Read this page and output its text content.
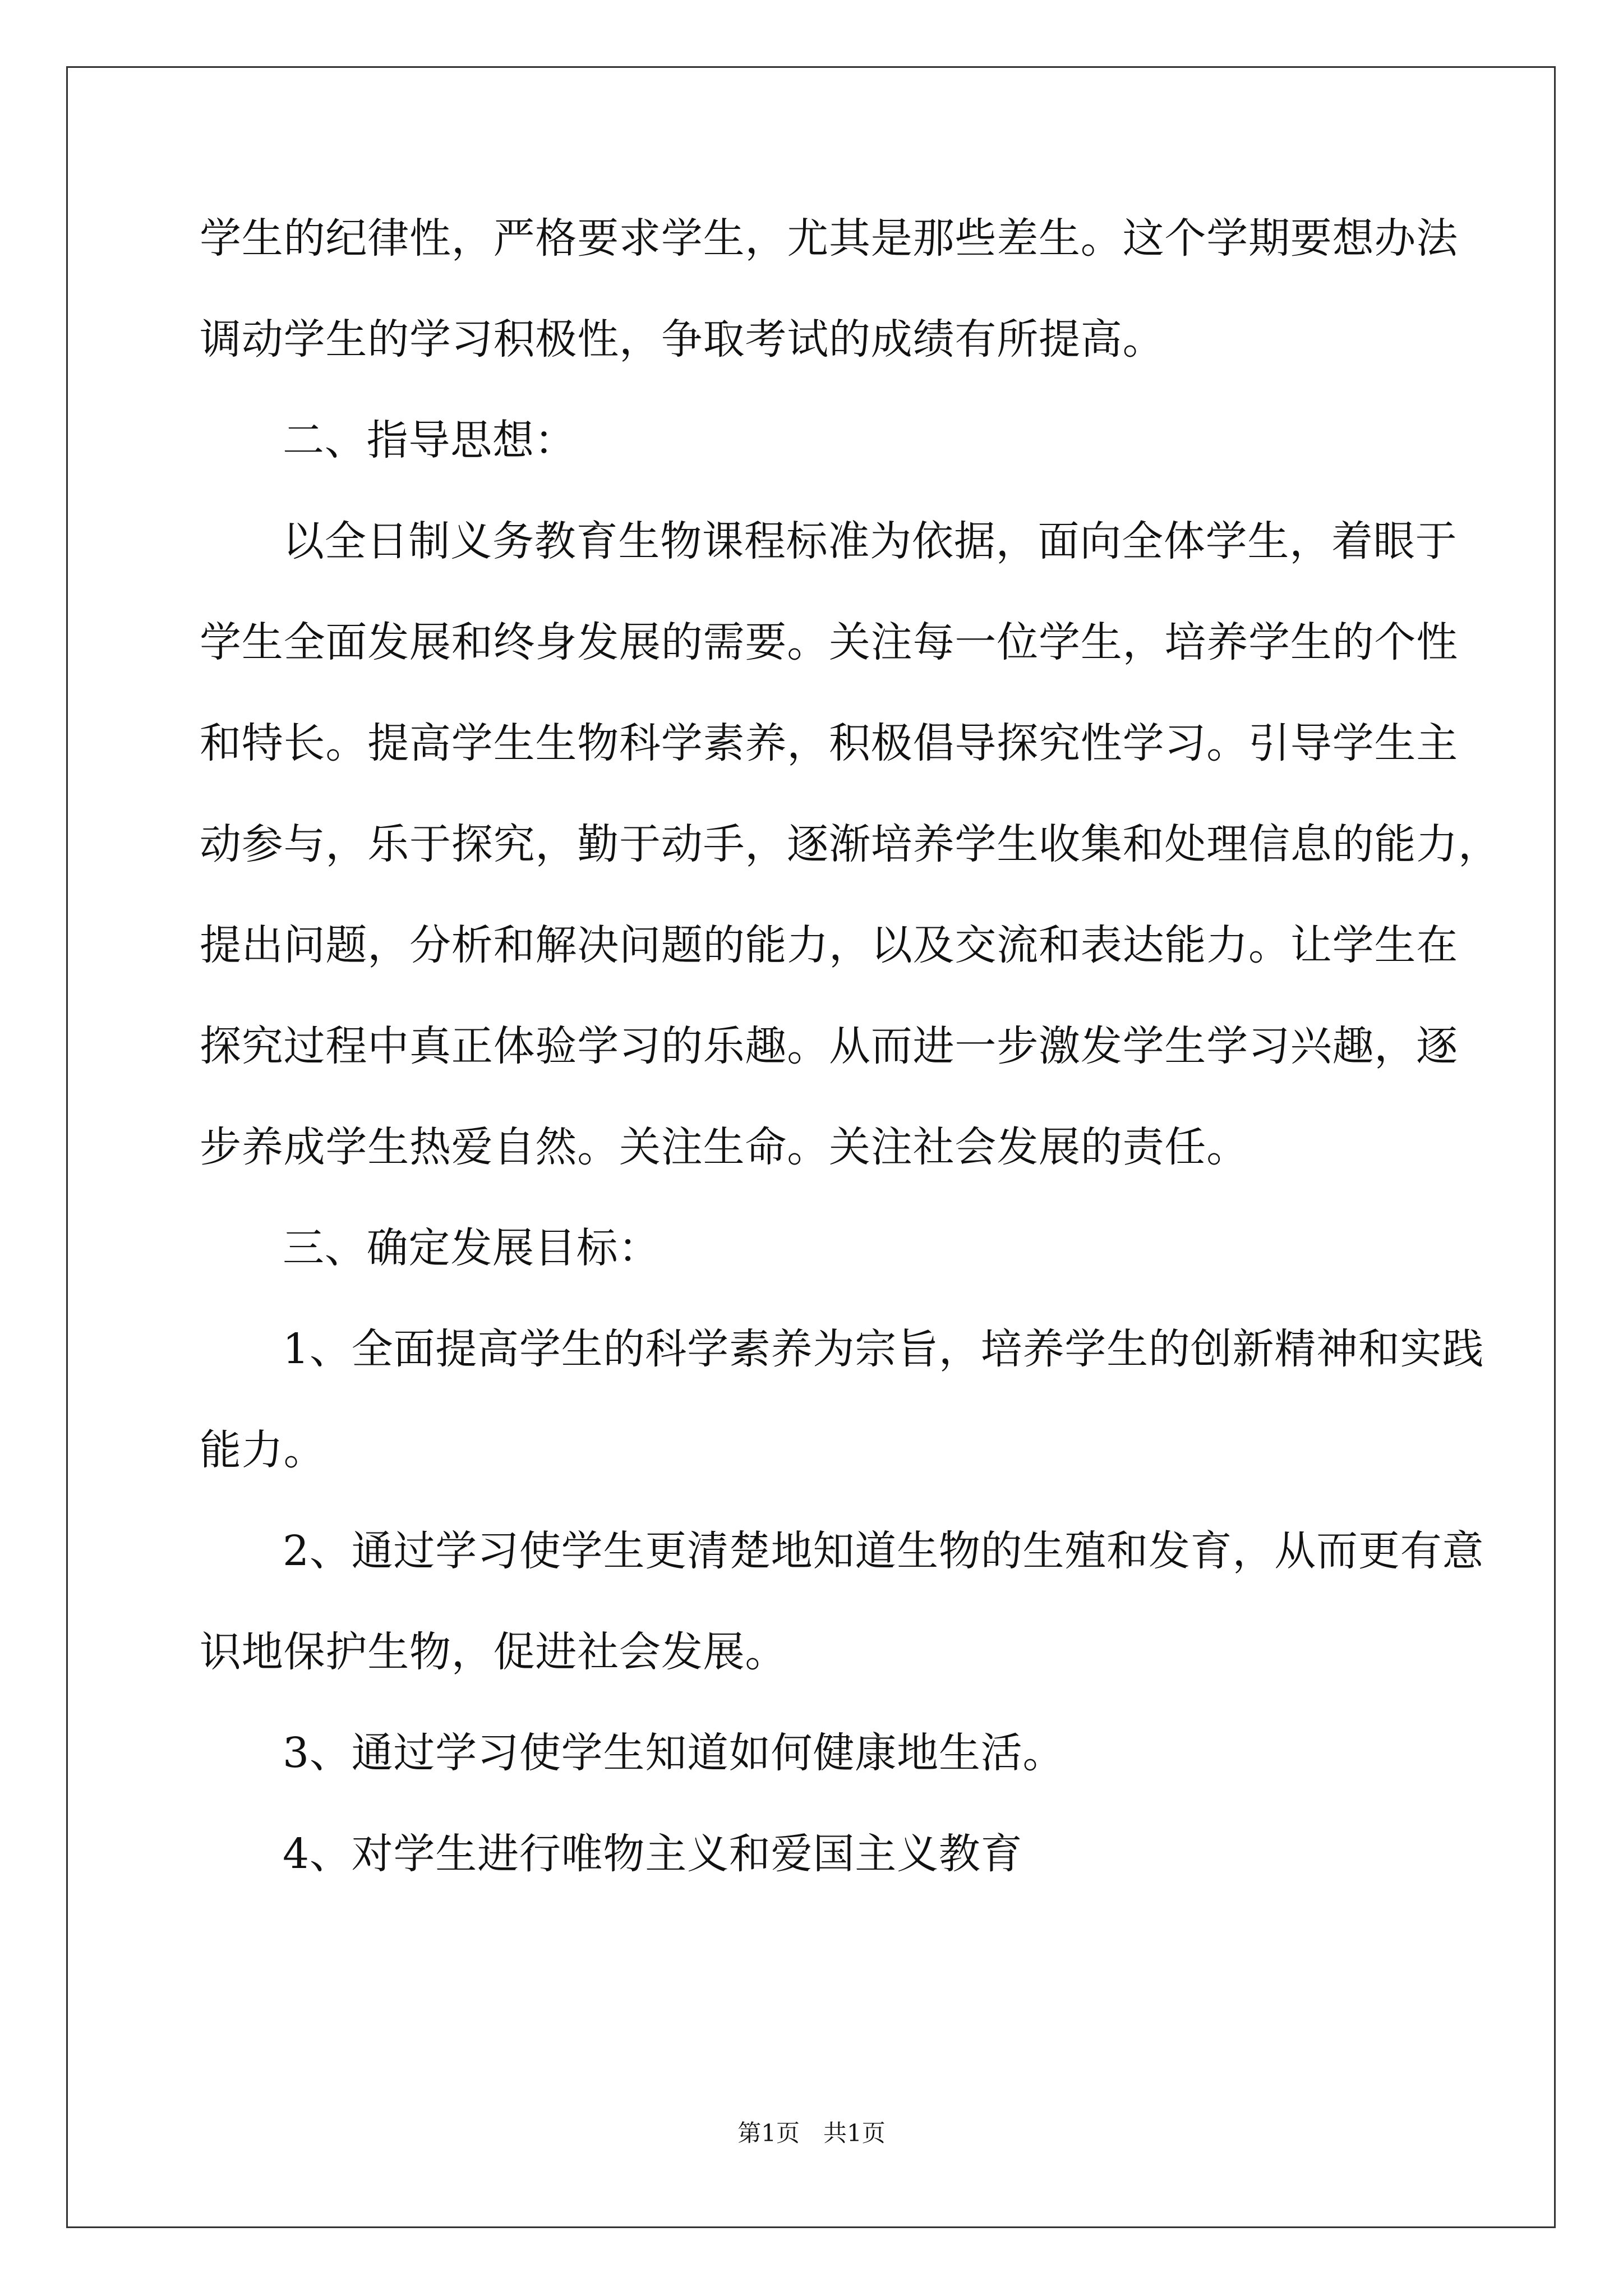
学生的纪律性，严格要求学生，尤其是那些差生。这个学期要想办法
调动学生的学习积极性，争取考试的成绩有所提高。
二、指导思想：
以全日制义务教育生物课程标准为依据，面向全体学生，着眼于
学生全面发展和终身发展的需要。关注每一位学生，培养学生的个性
和特长。提高学生生物科学素养，积极倡导探究性学习。引导学生主
动参与，乐于探究，勤于动手，逐渐培养学生收集和处理信息的能力，
提出问题，分析和解决问题的能力，以及交流和表达能力。让学生在
探究过程中真正体验学习的乐趣。从而进一步激发学生学习兴趣，逐
步养成学生热爱自然。关注生命。关注社会发展的责任。
三、确定发展目标：
1、全面提高学生的科学素养为宗旨，培养学生的创新精神和实践
能力。
2、通过学习使学生更清楚地知道生物的生殖和发育，从而更有意
识地保护生物，促进社会发展。
3、通过学习使学生知道如何健康地生活。
4、对学生进行唯物主义和爱国主义教育
第1页　共1页
